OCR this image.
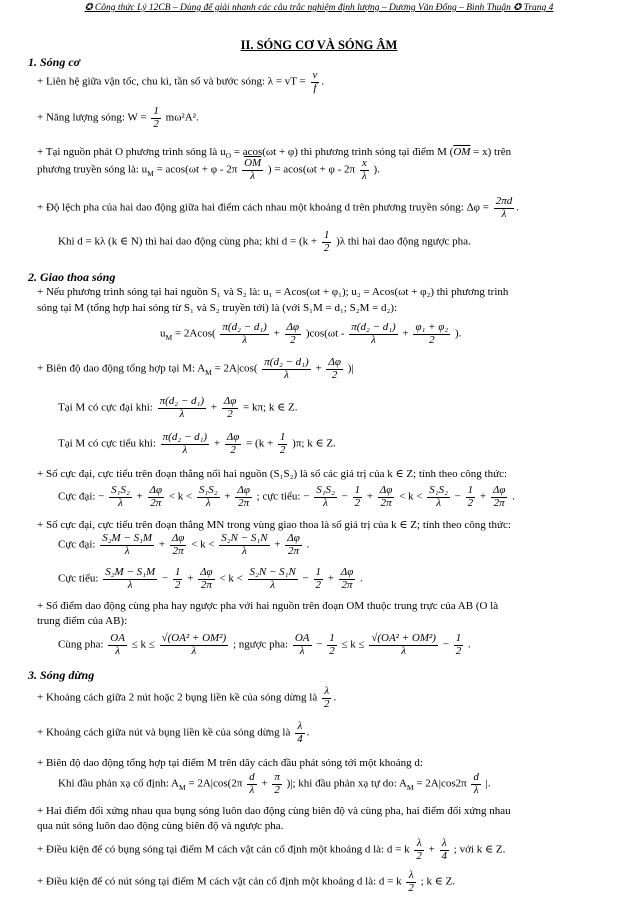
✪ Công thức Lý 12CB – Dùng để giải nhanh các câu trắc nghiệm định lượng – Dương Văn Đổng – Bình Thuận ✪ Trang 4
II. SÓNG CƠ VÀ SÓNG ÂM
1. Sóng cơ
+ Liên hệ giữa vận tốc, chu kì, tần số và bước sóng: λ = vT = $\frac{v}{f}$ .
+ Năng lượng sóng: $W = \frac{1}{2} m\omega^2A^2$.
+ Tại nguồn phát O phương trình sóng là $u_O = acos(\omega t + \varphi)$ thì phương trình sóng tại điểm M $(\overline{OM} = x)$ trên
phương truyền sóng là: $u_M = acos(\omega t + \varphi - 2\pi \frac{\overline{OM}}{\lambda}$ ) = $acos(\omega t + \varphi - 2\pi \frac{x}{\lambda}$ ).
+ Độ lệch pha của hai dao động giữa hai điểm cách nhau một khoảng d trên phương truyền sóng: $\Delta\varphi = \frac{2\pi d}{\lambda}$ .
Khi d = kλ (k ∈ N) thì hai dao động cùng pha; khi $d = (k + \frac{1}{2} )\lambda$ thì hai dao động ngược pha.
2. Giao thoa sóng
+ Nếu phương trình sóng tại hai nguồn S₁ và S₂ là: u₁ = Acos(ωt + φ₁); u₂ = Acos(ωt + φ₂) thì phương trình
sóng tại M (tổng hợp hai sóng từ S₁ và S₂ truyền tới) là (với S₁M = d₁; S₂M = d₂):
$u_M = 2Acos( \frac{\text{π(d₂ − d₁)}}{\lambda} + \frac{\Delta\varphi}{2} )\cos(\omega t - \frac{\text{π(d₂ − d₁)}}{\lambda} + \frac{\text{φ₁ + φ₂}}{2}$ ).
+ Biên độ dao động tổng hợp tại M: $A_M = 2A|\cos( \frac{\text{π(d₂ − d₁)}}{\lambda} + \frac{\Delta\varphi}{2}$ )|
Tại M có cực đại khi: $\frac{\text{π(d₂ − d₁)}}{\lambda} + \frac{\Delta\varphi}{2} = k\pi$; k ∈ Z.
Tại M có cực tiểu khi: $\frac{\text{π(d₂ − d₁)}}{\lambda} + \frac{\Delta\varphi}{2} = (k + \frac{1}{2} )\pi$; k ∈ Z.
+ Số cực đại, cực tiểu trên đoạn thẳng nối hai nguồn (S₁S₂) là số các giá trị của k ∈ Z; tính theo công thức:
Cực đại: − $\frac{\text{S₁S₂}}{\lambda} + \frac{\Delta\varphi}{2\pi} < k < \frac{\text{S₁S₂}}{\lambda} + \frac{\Delta\varphi}{2\pi}$ ; cực tiểu: − $\frac{\text{S₁S₂}}{\lambda} - \frac{1}{2} + \frac{\Delta\varphi}{2\pi} < k < \frac{\text{S₁S₂}}{\lambda} - \frac{1}{2} + \frac{\Delta\varphi}{2\pi}$ .
+ Số cực đại, cực tiểu trên đoạn thẳng MN trong vùng giao thoa là số giá trị của k ∈ Z; tính theo công thức:
Cực đại: $\frac{\text{S₂M − S₁M}}{\lambda} + \frac{\Delta\varphi}{2\pi} < k < \frac{\text{S₂N − S₁N}}{\lambda} + \frac{\Delta\varphi}{2\pi}$ .
Cực tiểu: $\frac{\text{S₂M − S₁M}}{\lambda} - \frac{1}{2} + \frac{\Delta\varphi}{2\pi} < k < \frac{\text{S₂N − S₁N}}{\lambda} - \frac{1}{2} + \frac{\Delta\varphi}{2\pi}$ .
+ Số điểm dao động cùng pha hay ngược pha với hai nguồn trên đoạn OM thuộc trung trực của AB (O là
trung điểm của AB):
Cùng pha: $\frac{OA}{\lambda} \le k \le \frac{\text{√(OA² + OM²)}}{\lambda}$ ; ngược pha: $\frac{OA}{\lambda} - \frac{1}{2} \le k \le \frac{\text{√(OA² + OM²)}}{\lambda} - \frac{1}{2}$ .
3. Sóng dừng
+ Khoảng cách giữa 2 nút hoặc 2 bụng liền kề của sóng dừng là $\frac{\lambda}{2}$ .
+ Khoảng cách giữa nút và bụng liền kề của sóng dừng là $\frac{\lambda}{4}$ .
+ Biên độ dao động tổng hợp tại điểm M trên dây cách đầu phát sóng tới một khoảng d:
Khi đầu phản xạ cố định: $A_M = 2A|\cos(2\pi \frac{d}{\lambda} + \frac{\pi}{2}$ )|; khi đầu phản xạ tự do: $A_M = 2A|\cos 2\pi \frac{d}{\lambda}$ |.
+ Hai điểm đối xứng nhau qua bụng sóng luôn dao động cùng biên độ và cùng pha, hai điểm đối xứng nhau
qua nút sóng luôn dao động cùng biên độ và ngược pha.
+ Điều kiện để có bụng sóng tại điểm M cách vật cản cố định một khoảng d là: d = k $\frac{\lambda}{2} + \frac{\lambda}{4}$ ; với k ∈ Z.
+ Điều kiện để có nút sóng tại điểm M cách vật cản cố định một khoảng d là: d = k $\frac{\lambda}{2}$ ; k ∈ Z.
